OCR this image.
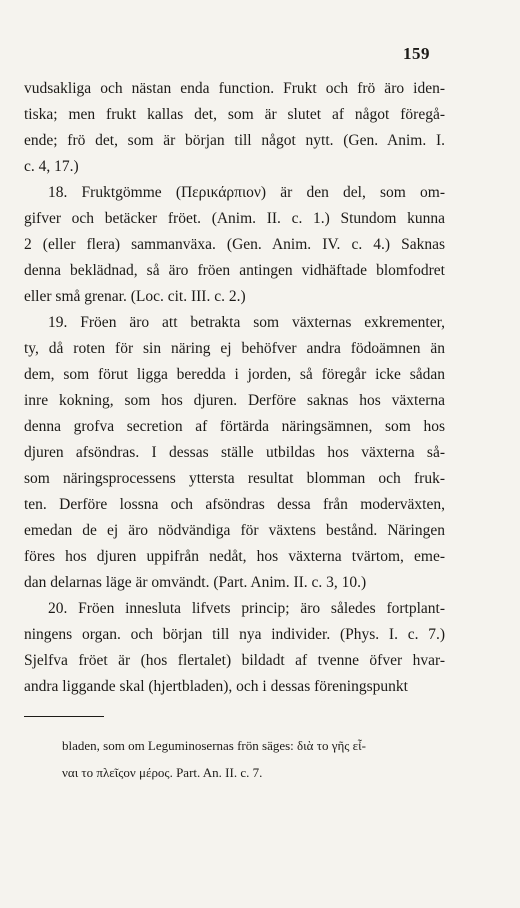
159
vudsakliga och nästan enda function. Frukt och frö äro iden-
tiska; men frukt kallas det, som är slutet af något föregå-
ende; frö det, som är början till något nytt. (Gen. Anim. I.
c. 4, 17.)
18. Fruktgömme (Περικάρπιον) är den del, som om-
gifver och betäcker fröet. (Anim. II. c. 1.) Stundom kunna
2 (eller flera) sammanväxa. (Gen. Anim. IV. c. 4.) Saknas
denna beklädnad, så äro fröen antingen vidhäftade blomfodret
eller små grenar. (Loc. cit. III. c. 2.)
19. Fröen äro att betrakta som växternas exkrementer,
ty, då roten för sin näring ej behöfver andra födoämnen än
dem, som förut ligga beredda i jorden, så föregår icke sådan
inre kokning, som hos djuren. Derföre saknas hos växterna
denna grofva secretion af förtärda näringsämnen, som hos
djuren afsöndras. I dessas ställe utbildas hos växterna så-
som näringsprocessens yttersta resultat blomman och fruk-
ten. Derföre lossna och afsöndras dessa från moderväxten,
emedan de ej äro nödvändiga för växtens bestånd. Näringen
föres hos djuren uppifrån nedåt, hos växterna tvärtom, eme-
dan delarnas läge är omvändt. (Part. Anim. II. c. 3, 10.)
20. Fröen innesluta lifvets princip; äro således fortplant-
ningens organ. och början till nya individer. (Phys. I. c. 7.)
Sjelfva fröet är (hos flertalet) bildadt af tvenne öfver hvar-
andra liggande skal (hjertbladen), och i dessas föreningspunkt
bladen, som om Leguminosernas frön säges: διὰ το γῆς εἶ-
ναι το πλεῖςον μέρος. Part. An. II. c. 7.
